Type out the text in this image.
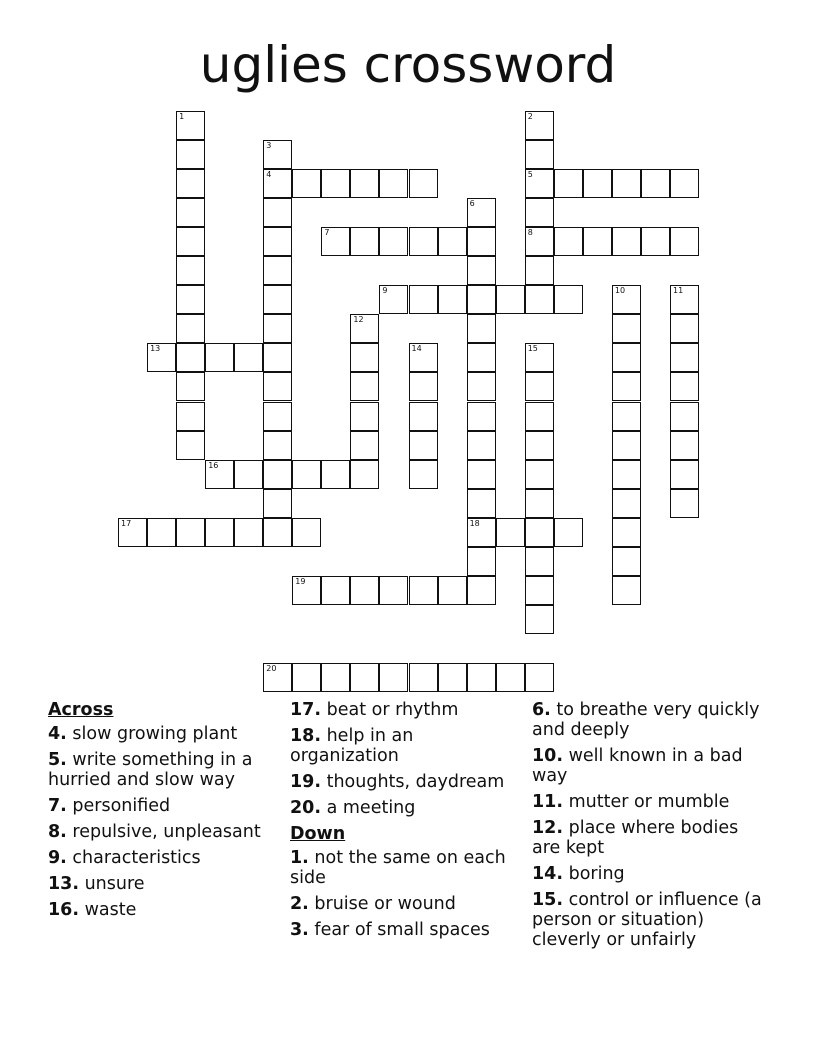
uglies crossword
1	2
5
8
3
4
6
18
7
9	10	11
12
13	14	15
16
17
19
20
Across
4. slow growing plant
5. write something in a hurried and slow way
7. personified
8. repulsive, unpleasant
9. characteristics
13. unsure
16. waste
17. beat or rhythm
18. help in an organization
19. thoughts, daydream
20. a meeting
Down
1. not the same on each side
2. bruise or wound
3. fear of small spaces
6. to breathe very quickly and deeply
10. well known in a bad way
11. mutter or mumble
12. place where bodies are kept
14. boring
15. control or influence (a person or situation) cleverly or unfairly
